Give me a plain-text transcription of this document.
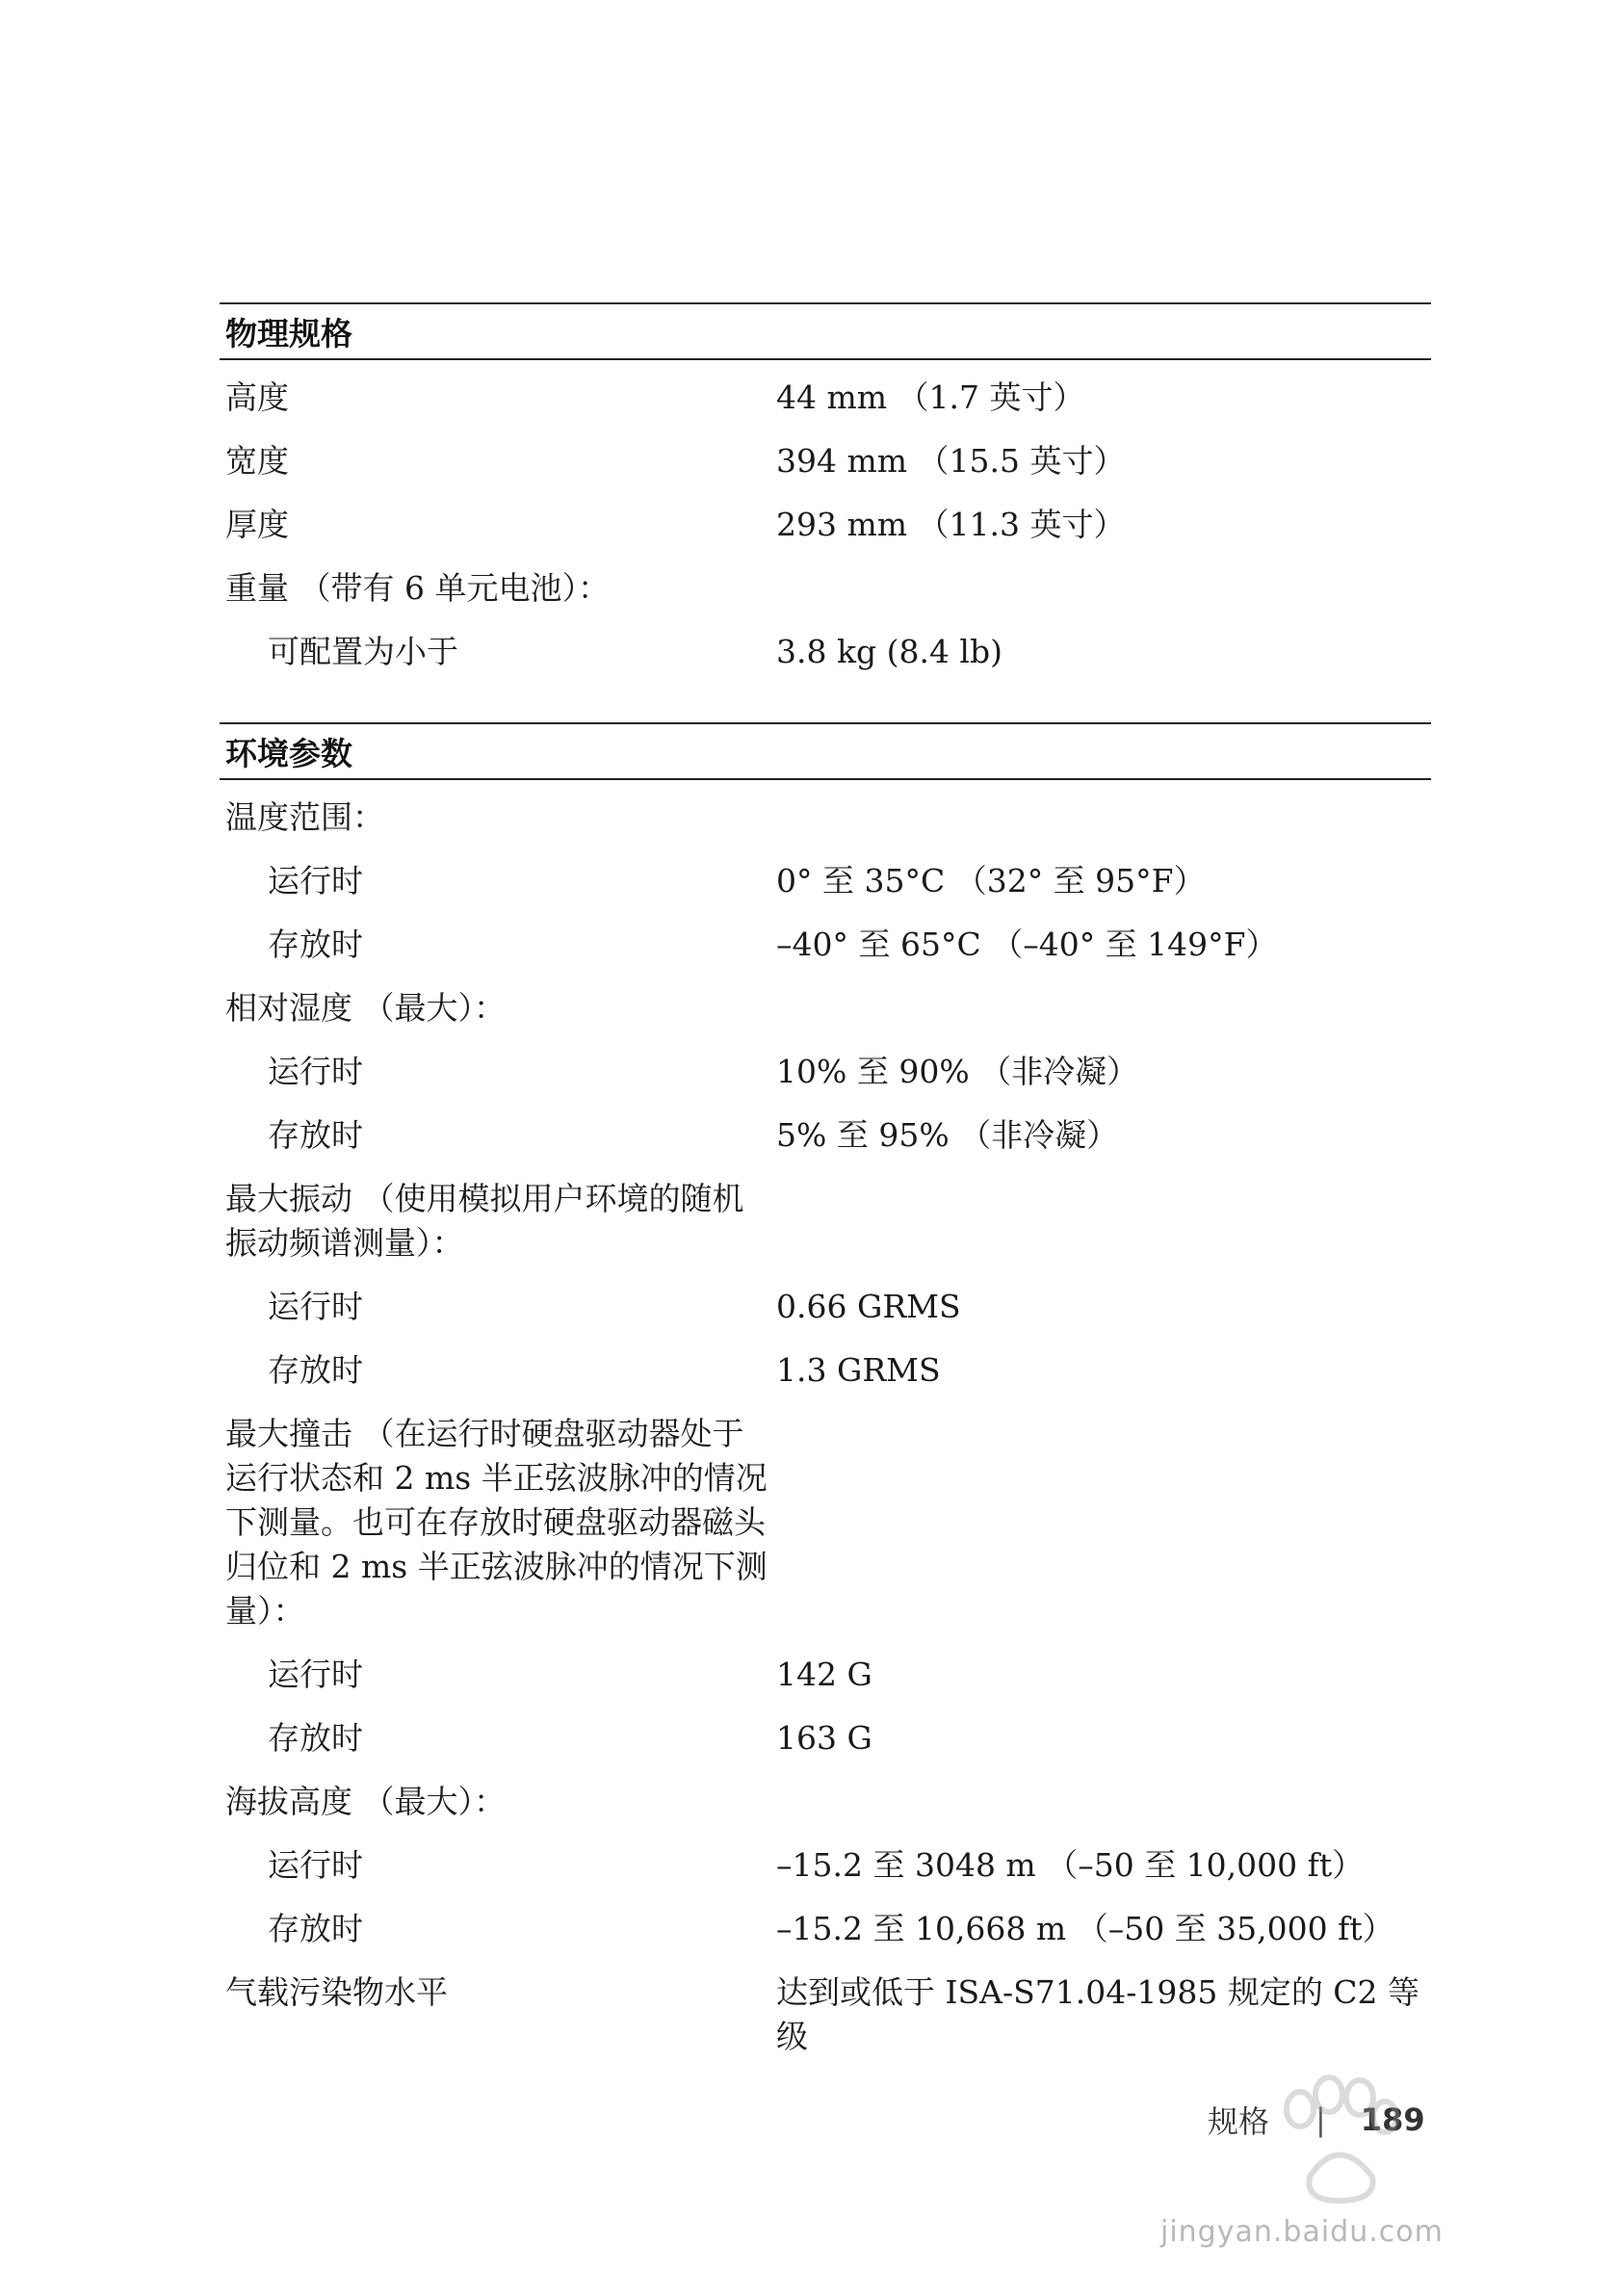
物理规格
高度	44 mm （1.7 英寸）
宽度	394 mm （15.5 英寸）
厚度	293 mm （11.3 英寸）
重量 （带有 6 单元电池）：
可配置为小于	3.8 kg (8.4 lb)
环境参数
温度范围：
运行时	0° 至 35°C （32° 至 95°F）
存放时	–40° 至 65°C （–40° 至 149°F）
相对湿度 （最大）：
运行时	10% 至 90% （非冷凝）
存放时	5% 至 95% （非冷凝）
最大振动 （使用模拟用户环境的随机振动频谱测量）：
运行时	0.66 GRMS
存放时	1.3 GRMS
最大撞击 （在运行时硬盘驱动器处于运行状态和 2 ms 半正弦波脉冲的情况下测量。也可在存放时硬盘驱动器磁头归位和 2 ms 半正弦波脉冲的情况下测量）：
运行时	142 G
存放时	163 G
海拔高度 （最大）：
运行时	–15.2 至 3048 m （–50 至 10,000 ft）
存放时	–15.2 至 10,668 m （–50 至 35,000 ft）
气载污染物水平	达到或低于 ISA-S71.04-1985 规定的 C2 等级
规格 | 189
jingyan.baidu.com
